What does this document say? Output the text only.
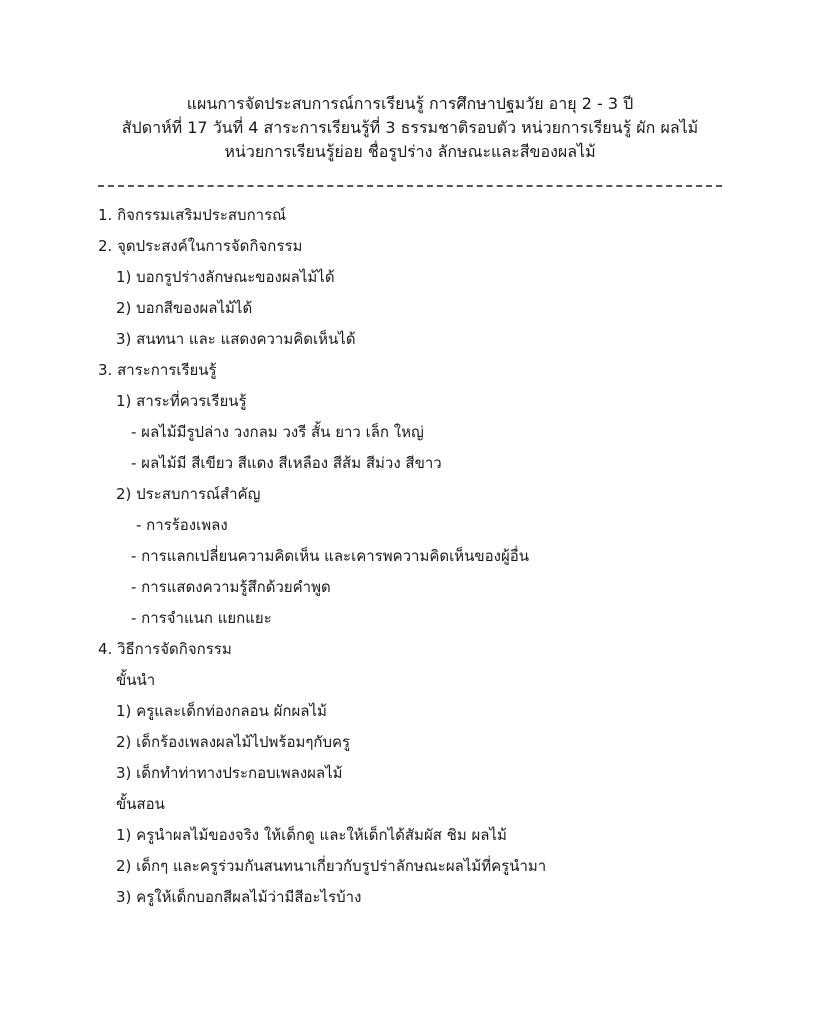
แผนการจัดประสบการณ์การเรียนรู้ การศึกษาปฐมวัย อายุ 2 - 3 ปี
สัปดาห์ที่ 17 วันที่ 4 สาระการเรียนรู้ที่ 3 ธรรมชาติรอบตัว หน่วยการเรียนรู้ ผัก ผลไม้
หน่วยการเรียนรู้ย่อย ชื่อรูปร่าง ลักษณะและสีของผลไม้
1. กิจกรรมเสริมประสบการณ์
2. จุดประสงค์ในการจัดกิจกรรม
1) บอกรูปร่างลักษณะของผลไม้ได้
2) บอกสีของผลไม้ได้
3) สนทนา และ แสดงความคิดเห็นได้
3. สาระการเรียนรู้
1) สาระที่ควรเรียนรู้
- ผลไม้มีรูปล่าง วงกลม วงรี สั้น ยาว เล็ก ใหญ่
- ผลไม้มี สีเขียว สีแดง สีเหลือง สีส้ม สีม่วง สีขาว
2) ประสบการณ์สำคัญ
- การร้องเพลง
- การแลกเปลี่ยนความคิดเห็น และเคารพความคิดเห็นของผู้อื่น
- การแสดงความรู้สึกด้วยคำพูด
- การจำแนก แยกแยะ
4. วิธีการจัดกิจกรรม
ขั้นนำ
1) ครูและเด็กท่องกลอน ผักผลไม้
2) เด็กร้องเพลงผลไม้ไปพร้อมๆกับครู
3) เด็กทำท่าทางประกอบเพลงผลไม้
ขั้นสอน
1) ครูนำผลไม้ของจริง ให้เด็กดู และให้เด็กได้สัมผัส ชิม ผลไม้
2) เด็กๆ และครูร่วมกันสนทนาเกี่ยวกับรูปร่าลักษณะผลไม้ที่ครูนำมา
3) ครูให้เด็กบอกสีผลไม้ว่ามีสีอะไรบ้าง
